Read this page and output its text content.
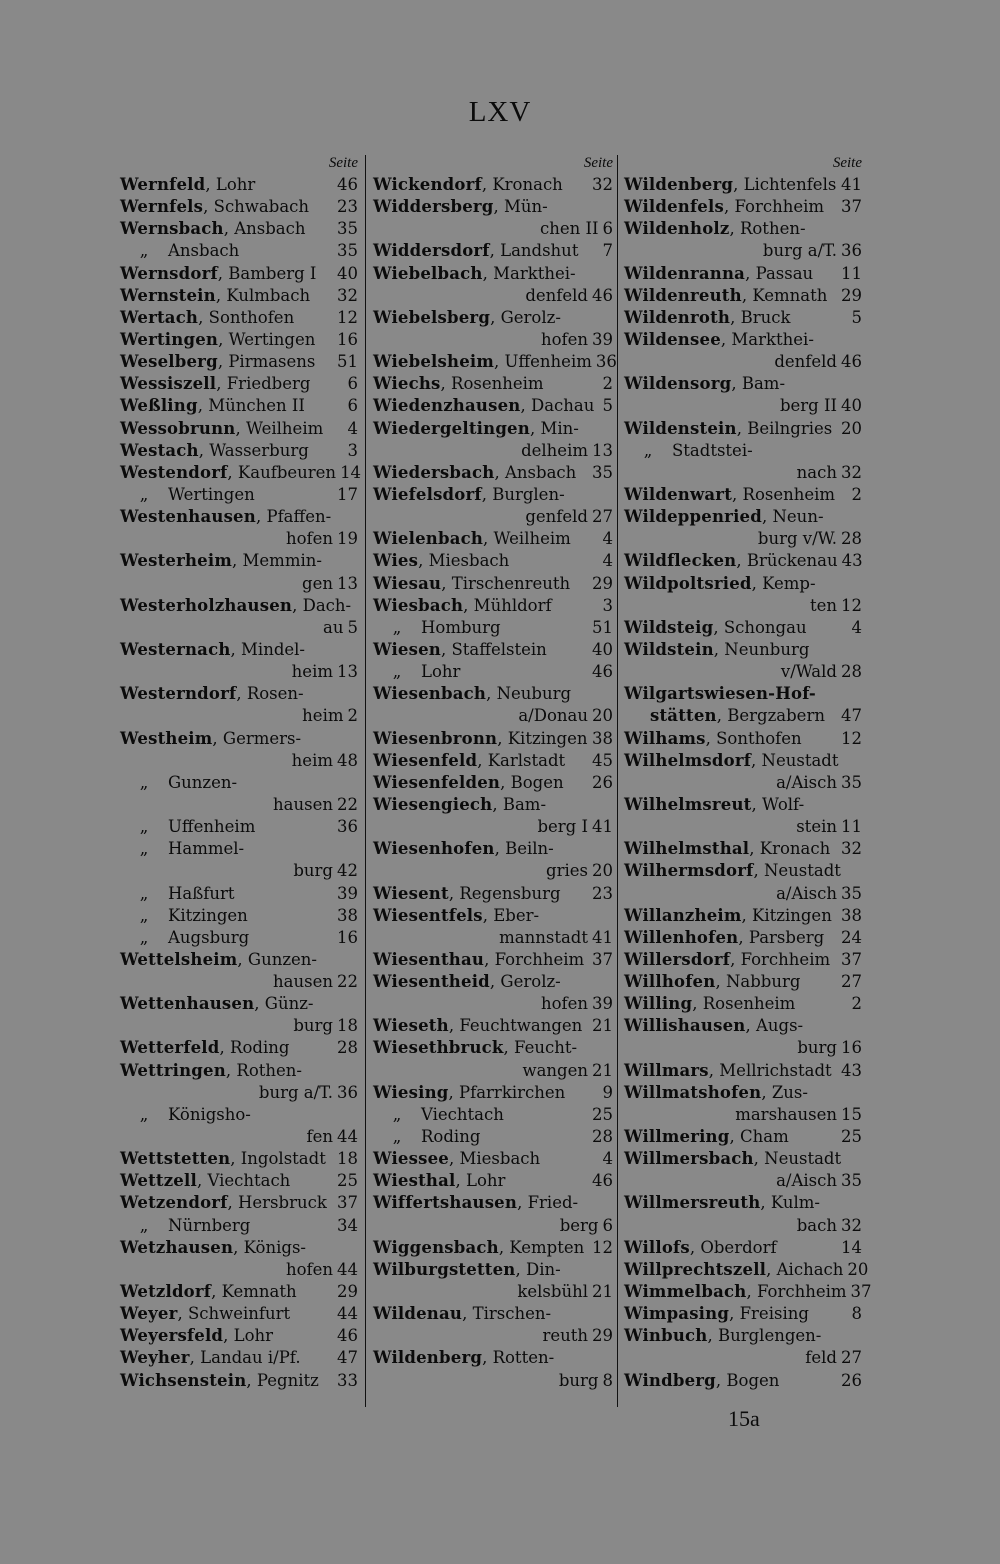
LXV
Seite
Wernfeld, Lohr	46
Wernfels, Schwabach	23
Wernsbach, Ansbach	35
„ Ansbach	35
Wernsdorf, Bamberg I	40
Wernstein, Kulmbach	32
Wertach, Sonthofen	12
Wertingen, Wertingen	16
Weselberg, Pirmasens	51
Wessiszell, Friedberg	6
Weßling, München II	6
Wessobrunn, Weilheim	4
Westach, Wasserburg	3
Westendorf, Kaufbeuren 14
„ Wertingen	17
Westenhausen, Pfaffen-
hofen 19
Westerheim, Memmin-
gen 13
Westerholzhausen, Dach-
au 5
Westernach, Mindel-
heim 13
Westerndorf, Rosen-
heim 2
Westheim, Germers-
heim 48
„ Gunzen-
hausen 22
„ Uffenheim	36
„ Hammel-
burg 42
„ Haßfurt	39
„ Kitzingen	38
„ Augsburg	16
Wettelsheim, Gunzen-
hausen 22
Wettenhausen, Günz-
burg 18
Wetterfeld, Roding	28
Wettringen, Rothen-
burg a/T. 36
„ Königsho-
fen 44
Wettstetten, Ingolstadt 18
Wettzell, Viechtach	25
Wetzendorf, Hersbruck 37
„ Nürnberg	34
Wetzhausen, Königs-
hofen 44
Wetzldorf, Kemnath	29
Weyer, Schweinfurt	44
Weyersfeld, Lohr	46
Weyher, Landau i/Pf.	47
Wichsenstein, Pegnitz	33
Seite
Wickendorf, Kronach	32
Widdersberg, Mün-
chen II 6
Widdersdorf, Landshut	7
Wiebelbach, Markthei-
denfeld 46
Wiebelsberg, Gerolz-
hofen 39
Wiebelsheim, Uffenheim 36
Wiechs, Rosenheim	2
Wiedenzhausen, Dachau 5
Wiedergeltingen, Min-
delheim 13
Wiedersbach, Ansbach 35
Wiefelsdorf, Burglen-
genfeld 27
Wielenbach, Weilheim	4
Wies, Miesbach	4
Wiesau, Tirschenreuth	29
Wiesbach, Mühldorf	3
„ Homburg	51
Wiesen, Staffelstein	40
„ Lohr	46
Wiesenbach, Neuburg
a/Donau 20
Wiesenbronn, Kitzingen 38
Wiesenfeld, Karlstadt	45
Wiesenfelden, Bogen	26
Wiesengiech, Bam-
berg I 41
Wiesenhofen, Beiln-
gries 20
Wiesent, Regensburg	23
Wiesentfels, Eber-
mannstadt 41
Wiesenthau, Forchheim 37
Wiesentheid, Gerolz-
hofen 39
Wieseth, Feuchtwangen 21
Wiesethbruck, Feucht-
wangen 21
Wiesing, Pfarrkirchen	9
„ Viechtach	25
„ Roding	28
Wiessee, Miesbach	4
Wiesthal, Lohr	46
Wiffertshausen, Fried-
berg 6
Wiggensbach, Kempten 12
Wilburgstetten, Din-
kelsbühl 21
Wildenau, Tirschen-
reuth 29
Wildenberg, Rotten-
burg 8
Seite
Wildenberg, Lichtenfels 41
Wildenfels, Forchheim	37
Wildenholz, Rothen-
burg a/T. 36
Wildenranna, Passau	11
Wildenreuth, Kemnath 29
Wildenroth, Bruck	5
Wildensee, Markthei-
denfeld 46
Wildensorg, Bam-
berg II 40
Wildenstein, Beilngries 20
„ Stadtstei-
nach 32
Wildenwart, Rosenheim 2
Wildeppenried, Neun-
burg v/W. 28
Wildflecken, Brückenau 43
Wildpoltsried, Kemp-
ten 12
Wildsteig, Schongau	4
Wildstein, Neunburg
v/Wald 28
Wilgartswiesen-Hof-
stätten, Bergzabern 47
Wilhams, Sonthofen	12
Wilhelmsdorf, Neustadt
a/Aisch 35
Wilhelmsreut, Wolf-
stein 11
Wilhelmsthal, Kronach 32
Wilhermsdorf, Neustadt
a/Aisch 35
Willanzheim, Kitzingen 38
Willenhofen, Parsberg	24
Willersdorf, Forchheim 37
Willhofen, Nabburg	27
Willing, Rosenheim	2
Willishausen, Augs-
burg 16
Willmars, Mellrichstadt 43
Willmatshofen, Zus-
marshausen 15
Willmering, Cham	25
Willmersbach, Neustadt
a/Aisch 35
Willmersreuth, Kulm-
bach 32
Willofs, Oberdorf	14
Willprechtszell, Aichach 20
Wimmelbach, Forchheim 37
Wimpasing, Freising	8
Winbuch, Burglengen-
feld 27
Windberg, Bogen	26
15a
